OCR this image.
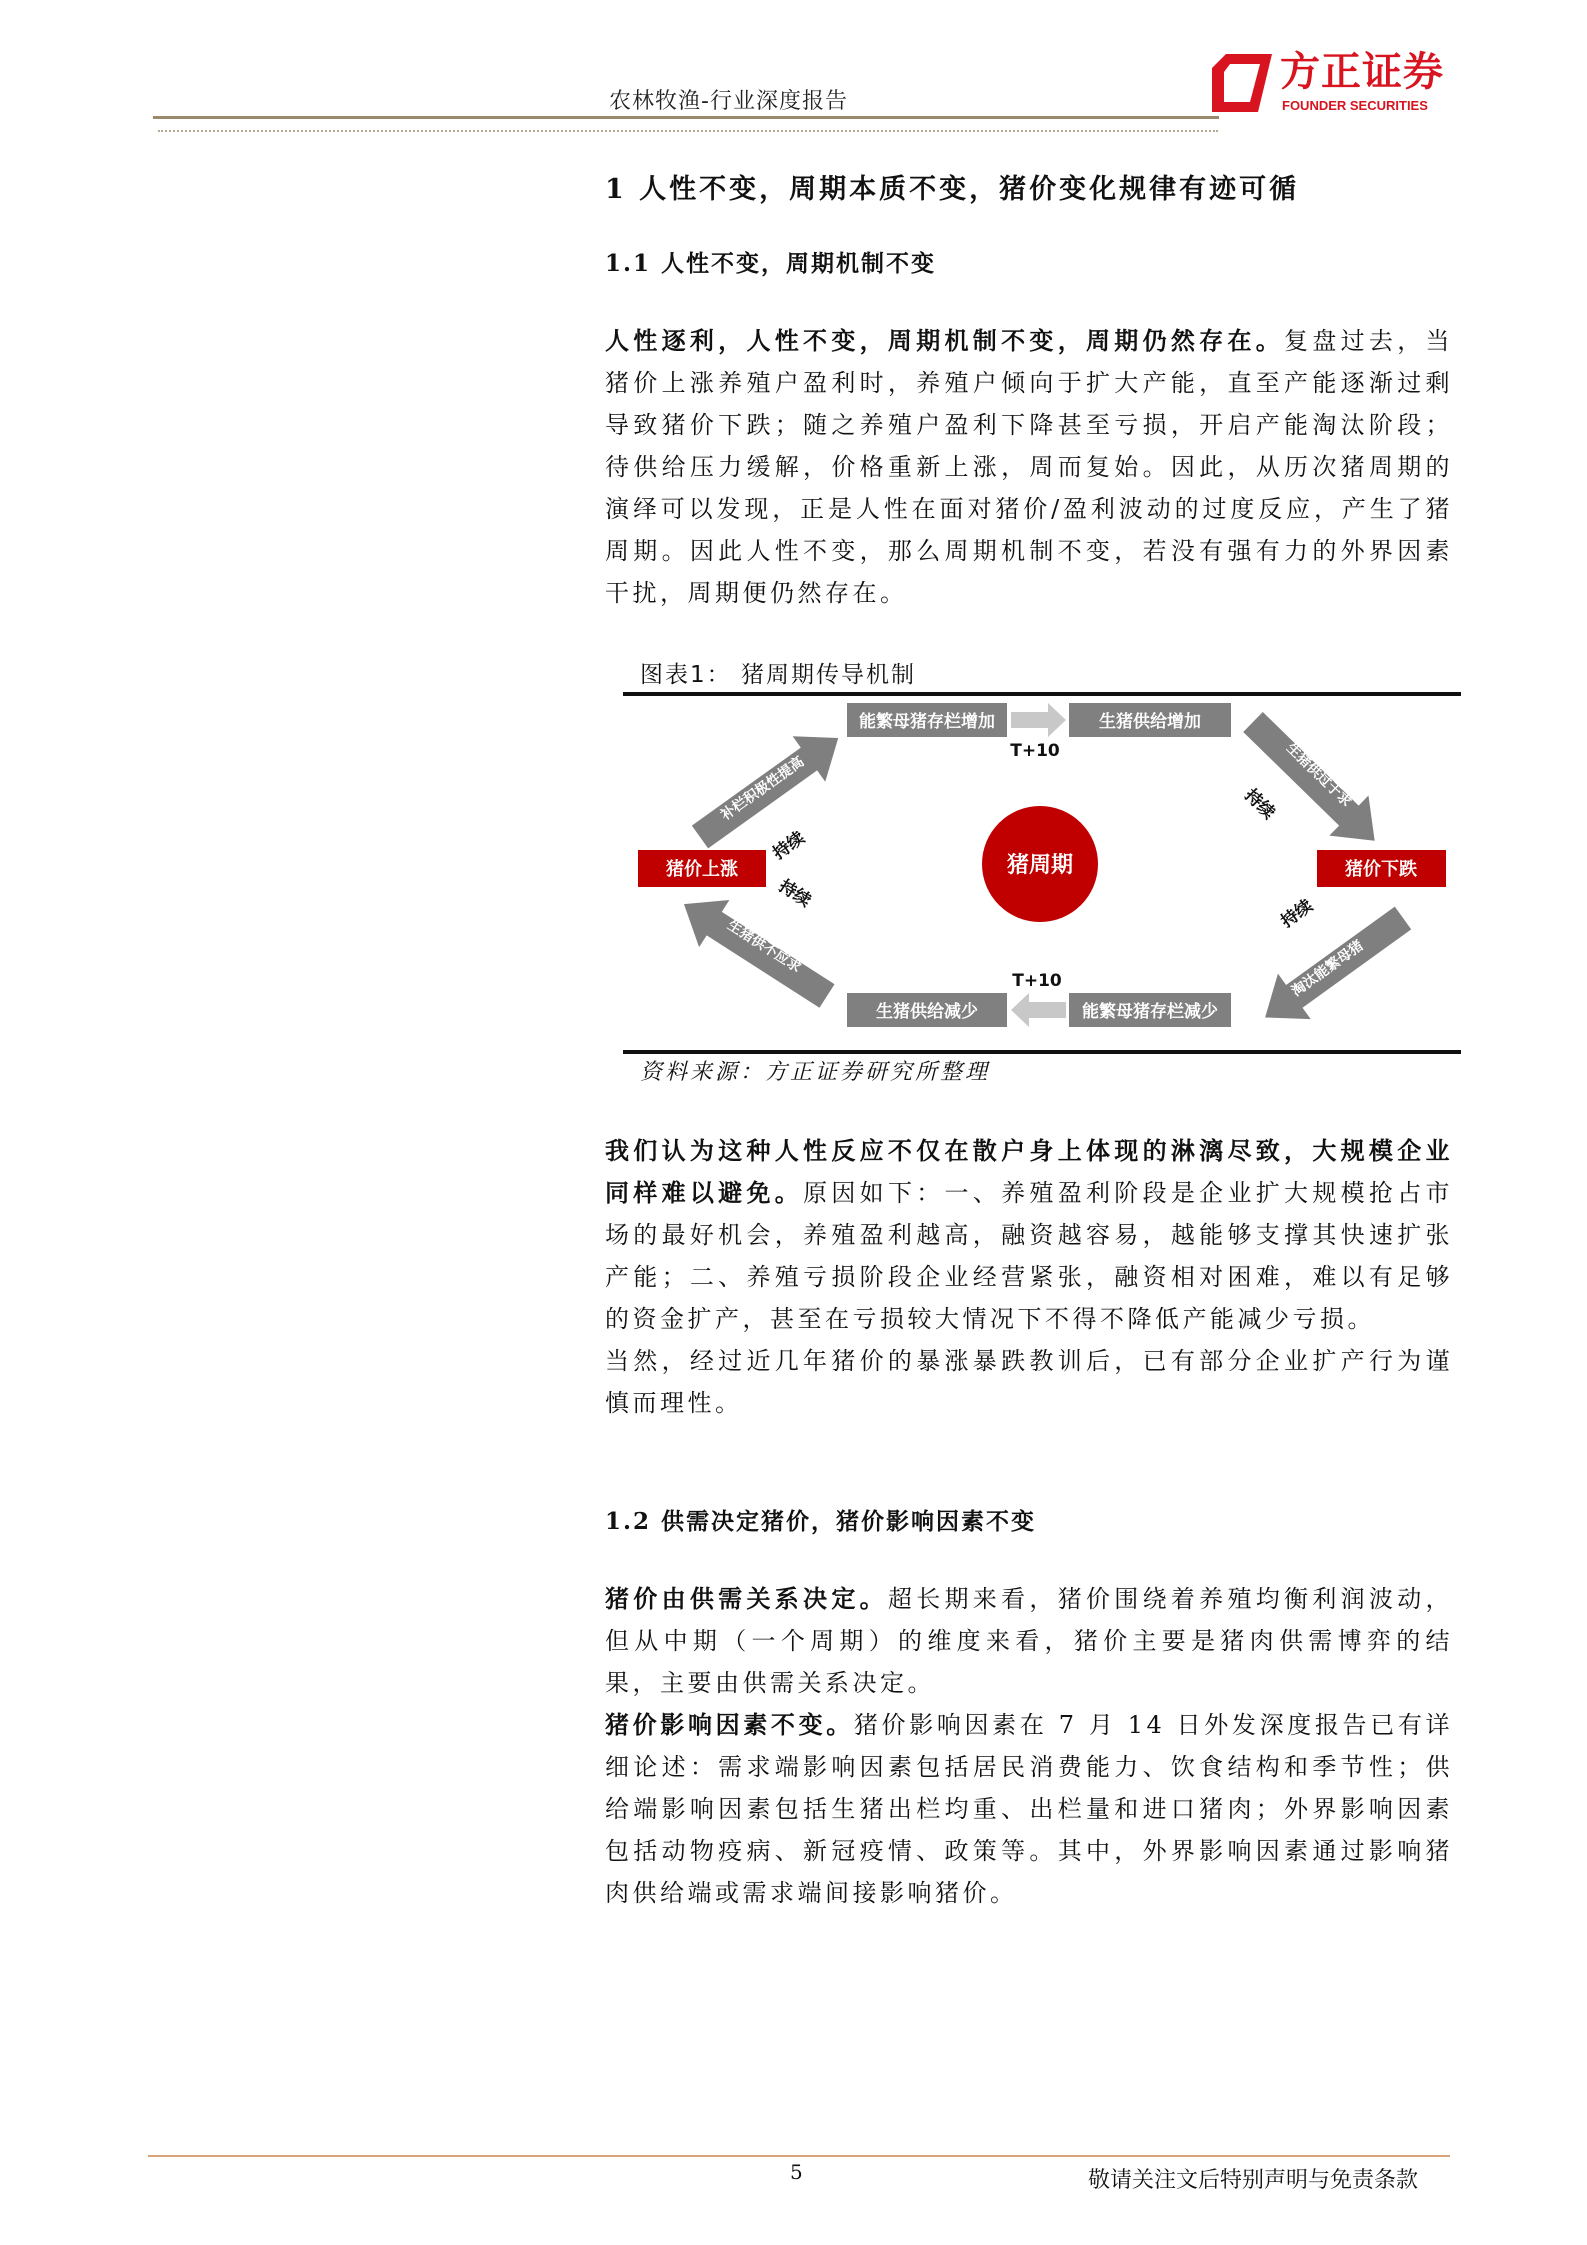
农林牧渔-行业深度报告
方正证券
FOUNDER SECURITIES
1 人性不变，周期本质不变，猪价变化规律有迹可循
1.1 人性不变，周期机制不变
人性逐利，人性不变，周期机制不变，周期仍然存在。复盘过去，当猪价上涨养殖户盈利时，养殖户倾向于扩大产能，直至产能逐渐过剩导致猪价下跌；随之养殖户盈利下降甚至亏损，开启产能淘汰阶段；待供给压力缓解，价格重新上涨，周而复始。因此，从历次猪周期的演绎可以发现，正是人性在面对猪价/盈利波动的过度反应，产生了猪周期。因此人性不变，那么周期机制不变，若没有强有力的外界因素干扰，周期便仍然存在。
图表1： 猪周期传导机制
能繁母猪存栏增加	生猪供给增加
生猪供给减少	能繁母猪存栏减少
T+10
T+10
猪价上涨	猪价下跌
猪周期
补栏积极性提高	生猪供过于求
淘汰能繁母猪
生猪供不应求
持续
持续
持续
持续
资料来源：方正证券研究所整理
我们认为这种人性反应不仅在散户身上体现的淋漓尽致，大规模企业同样难以避免。原因如下：一、养殖盈利阶段是企业扩大规模抢占市场的最好机会，养殖盈利越高，融资越容易，越能够支撑其快速扩张产能；二、养殖亏损阶段企业经营紧张，融资相对困难，难以有足够的资金扩产，甚至在亏损较大情况下不得不降低产能减少亏损。
当然，经过近几年猪价的暴涨暴跌教训后，已有部分企业扩产行为谨慎而理性。
1.2 供需决定猪价，猪价影响因素不变
猪价由供需关系决定。超长期来看，猪价围绕着养殖均衡利润波动，但从中期（一个周期）的维度来看，猪价主要是猪肉供需博弈的结果，主要由供需关系决定。
猪价影响因素不变。猪价影响因素在 7 月 14 日外发深度报告已有详细论述：需求端影响因素包括居民消费能力、饮食结构和季节性；供给端影响因素包括生猪出栏均重、出栏量和进口猪肉；外界影响因素包括动物疫病、新冠疫情、政策等。其中，外界影响因素通过影响猪肉供给端或需求端间接影响猪价。
5	敬请关注文后特别声明与免责条款
